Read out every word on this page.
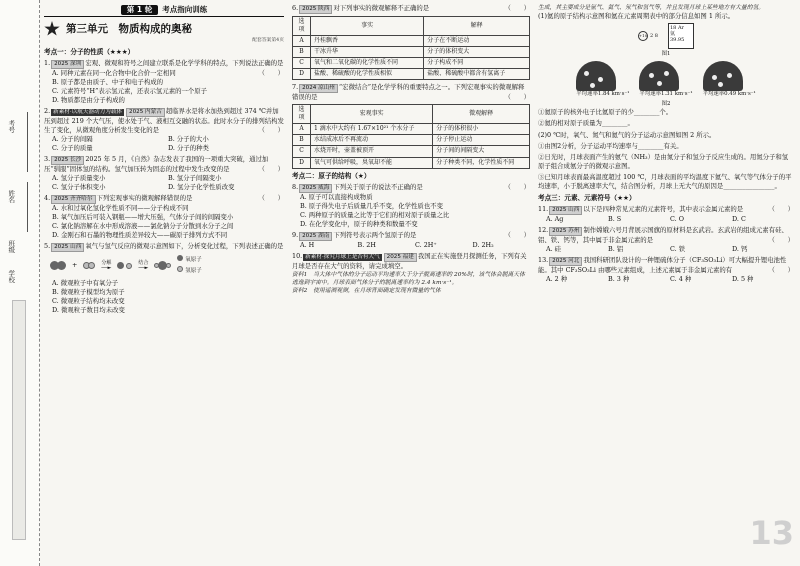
考号
姓名
班级
学校
第 1 轮	考点指向训练
第三单元　物质构成的奥秘
配套答案第4页
考点一：分子的性质（★★★）
1. 2025 深圳 宏观、微观和符号之间建立联系是化学学科的特点，下列说法正确的是
（　　）
A. 同种元素在同一化合物中化合价一定相同
B. 原子都是由质子、中子和电子构成的
C. 元素符号“H”表示氢元素，还表示氢元素的一个原子
D. 物质都是由分子构成的
2. 新素材·以航天器动力为载体 2025 内蒙古 超临界水是将水加热到超过 374 ℃并加压到超过 219 个大气压，使水处于气、液相互交融的状态。此时水分子的排列结构发生了变化，从微观角度分析发生变化的是	（　　）
A. 分子的间隔	B. 分子的大小
C. 分子的质量	D. 分子的种类
3. 2025 长沙 2025 年 5 月，《自然》杂志发表了我国的一项重大突破，通过加压“驯服”固体氢的结构。氢气加压转为固态的过程中发生改变的是	（　　）
A. 氢分子质量变小	B. 氢分子间隔变小
C. 氢分子体积变小	D. 氢分子化学性质改变
4. 2025 齐齐哈尔 下列宏观事实的微观解释错误的是	（　　）
A. 水和过氧化氢化学性质不同——分子构成不同
B. 氧气加压后可装入钢瓶——增大压强，气体分子间的间隔变小
C. 氯化钠溶解在水中形成溶液——氯化钠分子分散到水分子之间
D. 金刚石和石墨的物理性质差异较大——碳原子排列方式不同
5. 2025 山西 氧气与氢气反应的微观示意图如下，分析变化过程，下列表述正确的是
+	分解
──►

结合
──►
氧原子
氢原子
A. 微观粒子中有氧分子
B. 微观粒子模型均为原子
C. 微观粒子结构均未改变
D. 微观粒子数目均未改变
6. 2025 陕西 对下列事实的微观解释不正确的是	（　　）
选项	事实	解释
A	丹桂飘香	分子在不断运动
B	干冰升华	分子的体积变大
C	氧气和二氧化碳的化学性质不同	分子构成不同
D	盐酸、稀硫酸的化学性质相似	盐酸、稀硫酸中都含有氢离子
7. 2024 凉山州 “宏微结合”是化学学科的重要特点之一。下列宏观事实的微观解释错误的是	（　　）
选项	宏观事实	微观解释
A	1 滴水中大约有 1.67×10²¹ 个水分子	分子的体积很小
B	水结成冰后不再流动	分子停止运动
C	水烧开时，壶盖被顶开	分子间的间隔变大
D	氧气可供给呼吸，臭氧却不能	分子种类不同，化学性质不同
考点二：原子的结构（★）
8. 2025 威海 下列关于原子的说法不正确的是	（　　）
A. 原子可以直接构成物质
B. 原子得失电子后质量几乎不变，化学性质也不变
C. 两种原子的质量之比等于它们的相对原子质量之比
D. 在化学变化中，原子的种类和数量不变
9. 2025 湖南 下列符号表示两个氢原子的是	（　　）
A. H	B. 2H	C. 2H⁺	D. 2H₂
10. 新素材·探究月球上是否有大气 2025 福建 我国正在实施登月探测任务，下列有关月球是否存在大气的资料，请完成填空。
资料1　当大体中气体的分子运动平均速率大于分子脱离速率的 20%时，该气体会脱离天体逃逸到宇宙中。月球表面气体分子的脱离速率约为 2.4 km·s⁻¹。
资料2　使用遥测观测，在月球背面确定发现有微量的气体
生成，其主要成分是氩气、氦气、氖气和氢气等，并且发现月球上某些地方有大量的氢。
(1)氦的原子结构示意图和氦在元素周期表中的部分信息如图 1 所示。
+10 2 8
18 Ar
氩
39.95
图1
平均速率1.84 km·s⁻¹ 平均速率1.31 km·s⁻¹ 平均速率0.49 km·s⁻¹
图2
①氦原子的核外电子比氦原子的少________个。
②氦的相对原子质量为________。
(2)0 ℃时，氧气、氮气和氦气的分子运动示意图如图 2 所示。
①由图2分析，分子运动平均速率与________有关。
②日光时，月球表面产生的氨气（NH₃）是由氮分子和氢分子反应生成的。用氮分子和氢原子组合成氨分子的微观示意图。
③已知月球表面最高温度超过 100 ℃，月球表面的平均温度下氦气、氧气等气体分子的平均速率，小于脱离速率大气，结合图分析，月球上无大气的原因是________________。
考点三：元素、元素符号（★★）
11. 2025 山西 以下是四种常见元素的元素符号，其中表示金属元素的是	（　　）
A. Ag	B. S	C. O	D. C
12. 2025 苏州 制作嫦娥六号月背展示国旗的原材料是玄武岩。玄武岩的组成元素有硅、铝、铁、钙等，其中属于非金属元素的是	（　　）
A. 硅	B. 铝	C. 铁	D. 钙
13. 2025 河北 我国科研团队设计的一种锂硫体分子（CF₃SO₃Li）可大幅提升锂电池性能。其中 CF₃SO₃Li 由哪些元素组成，上述元素属于非金属元素的有	（　　）
A. 2 种	B. 3 种	C. 4 种	D. 5 种
13
